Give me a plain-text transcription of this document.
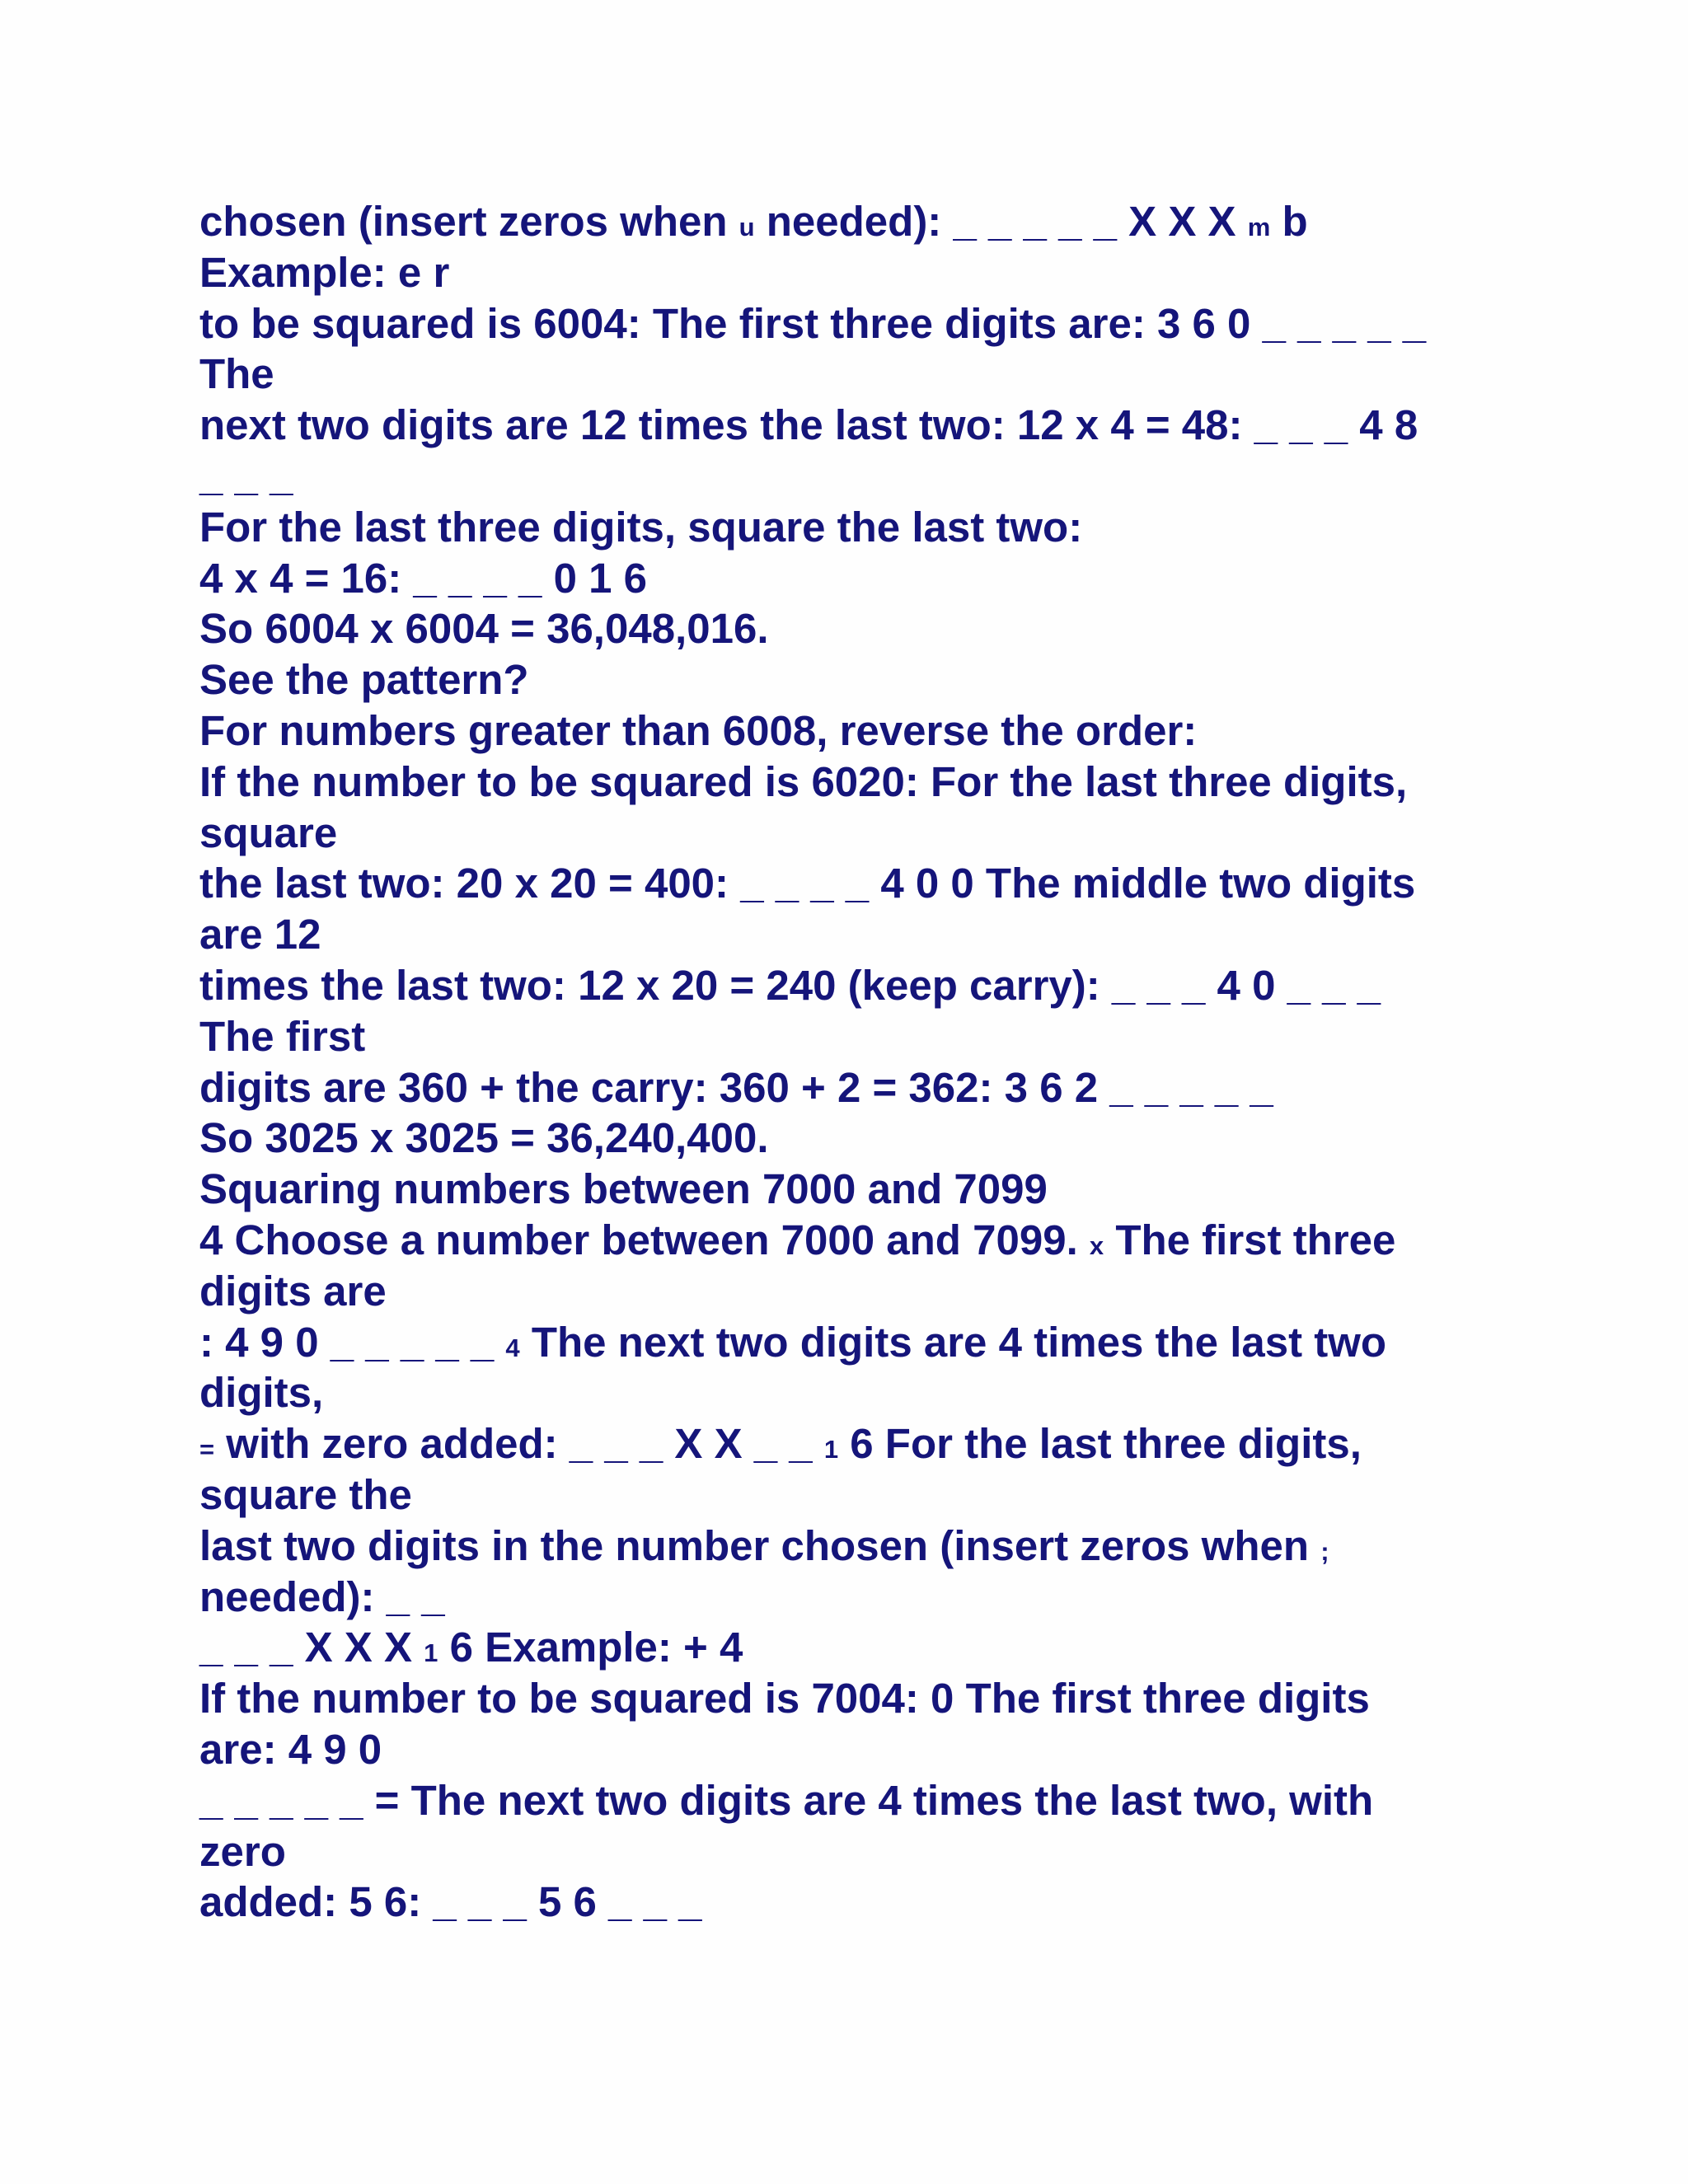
chosen (insert zeros when u needed): _ _ _ _ _ X X X m b
Example: e r
to be squared is 6004: The first three digits are: 3 6 0 _ _ _ _ _
The
next two digits are 12 times the last two: 12 x 4 = 48: _ _ _ 4 8
_ _ _
For the last three digits, square the last two:
4 x 4 = 16: _ _ _ _ 0 1 6
So 6004 x 6004 = 36,048,016.
See the pattern?
For numbers greater than 6008, reverse the order:
If the number to be squared is 6020: For the last three digits,
square
the last two: 20 x 20 = 400: _ _ _ _ 4 0 0 The middle two digits
are 12
times the last two: 12 x 20 = 240 (keep carry): _ _ _ 4 0 _ _ _
The first
digits are 360 + the carry: 360 + 2 = 362: 3 6 2 _ _ _ _ _
So 3025 x 3025 = 36,240,400.
Squaring numbers between 7000 and 7099
4 Choose a number between 7000 and 7099. x The first three
digits are
: 4 9 0 _ _ _ _ _ 4 The next two digits are 4 times the last two
digits,
= with zero added: _ _ _ X X _ _ 1 6 For the last three digits,
square the
last two digits in the number chosen (insert zeros when ;
needed): _ _
_ _ _ X X X 1 6 Example: + 4
If the number to be squared is 7004: 0 The first three digits
are: 4 9 0
_ _ _ _ _ = The next two digits are 4 times the last two, with
zero
added: 5 6: _ _ _ 5 6 _ _ _
